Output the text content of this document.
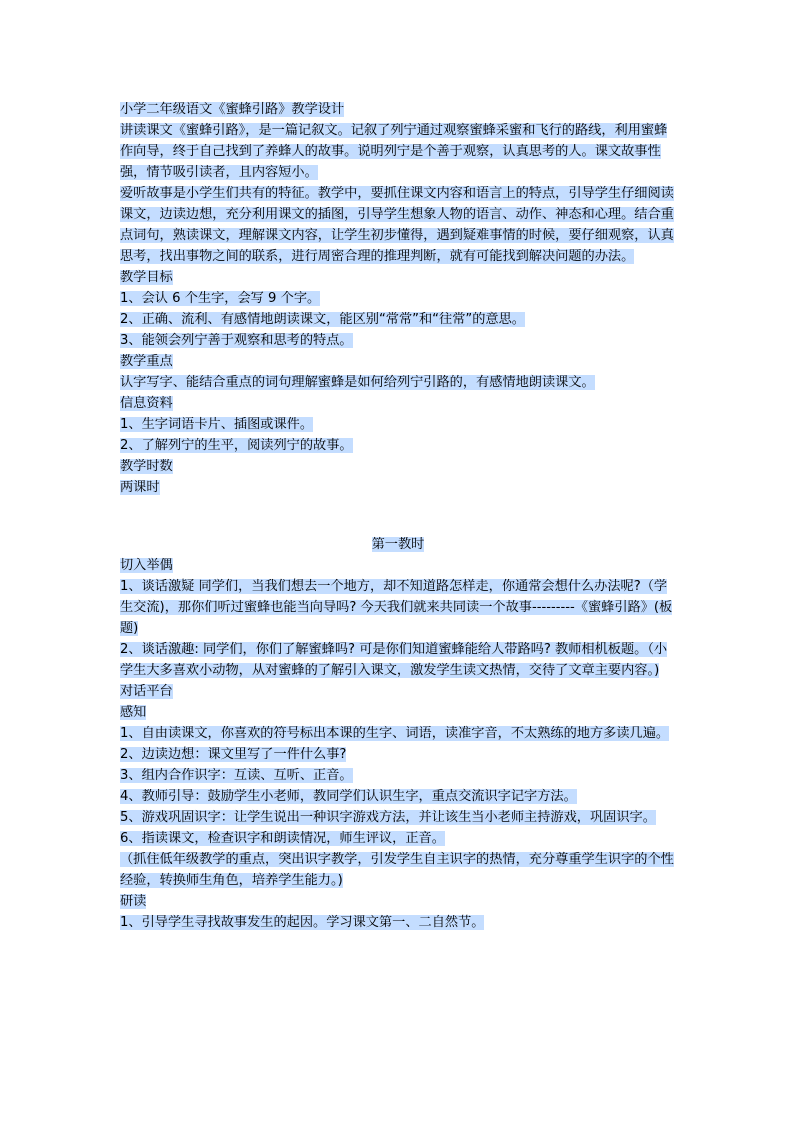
小学二年级语文《蜜蜂引路》教学设计

讲读课文《蜜蜂引路》，是一篇记叙文。记叙了列宁通过观察蜜蜂采蜜和飞行的路线，利用蜜蜂作向导，终于自己找到了养蜂人的故事。说明列宁是个善于观察，认真思考的人。课文故事性强，情节吸引读者，且内容短小。

爱听故事是小学生们共有的特征。教学中，要抓住课文内容和语言上的特点，引导学生仔细阅读课文，边读边想，充分利用课文的插图，引导学生想象人物的语言、动作、神态和心理。结合重点词句，熟读课文，理解课文内容，让学生初步懂得，遇到疑难事情的时候，要仔细观察，认真思考，找出事物之间的联系，进行周密合理的推理判断，就有可能找到解决问题的办法。

教学目标

1、会认 6 个生字，会写 9 个字。

2、正确、流利、有感情地朗读课文，能区别“常常”和“往常”的意思。

3、能领会列宁善于观察和思考的特点。

教学重点

认字写字、能结合重点的词句理解蜜蜂是如何给列宁引路的，有感情地朗读课文。

信息资料

1、生字词语卡片、插图或课件。

2、了解列宁的生平，阅读列宁的故事。

教学时数

两课时

第一教时

切入举偶

1、谈话激疑 同学们，当我们想去一个地方，却不知道路怎样走，你通常会想什么办法呢?（学生交流)，那你们听过蜜蜂也能当向导吗? 今天我们就来共同读一个故事---------《蜜蜂引路》(板题)

2、谈话激趣: 同学们，你们了解蜜蜂吗? 可是你们知道蜜蜂能给人带路吗? 教师相机板题。（小学生大多喜欢小动物，从对蜜蜂的了解引入课文，激发学生读文热情，交待了文章主要内容。)

对话平台

感知

1、自由读课文，你喜欢的符号标出本课的生字、词语，读准字音，不太熟练的地方多读几遍。

2、边读边想：课文里写了一件什么事?

3、组内合作识字：互读、互听、正音。

4、教师引导：鼓励学生小老师，教同学们认识生字，重点交流识字记字方法。

5、游戏巩固识字：让学生说出一种识字游戏方法，并让该生当小老师主持游戏，巩固识字。

6、指读课文，检查识字和朗读情况，师生评议，正音。

（抓住低年级教学的重点，突出识字教学，引发学生自主识字的热情，充分尊重学生识字的个性经验，转换师生角色，培养学生能力。)

研读

1、引导学生寻找故事发生的起因。学习课文第一、二自然节。
